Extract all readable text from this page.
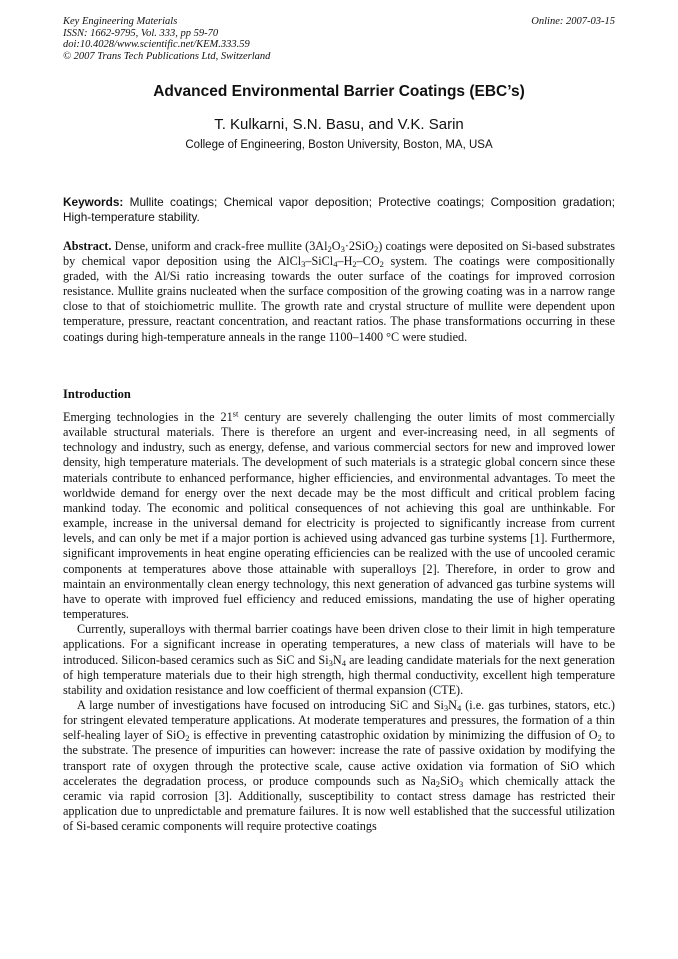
Key Engineering Materials
ISSN: 1662-9795, Vol. 333, pp 59-70
doi:10.4028/www.scientific.net/KEM.333.59
© 2007 Trans Tech Publications Ltd, Switzerland
Online: 2007-03-15
Advanced Environmental Barrier Coatings (EBC’s)
T. Kulkarni, S.N. Basu, and V.K. Sarin
College of Engineering, Boston University, Boston, MA, USA
Keywords: Mullite coatings; Chemical vapor deposition; Protective coatings; Composition gradation; High-temperature stability.
Abstract. Dense, uniform and crack-free mullite $(3Al_2O_3\cdot 2SiO_2)$ coatings were deposited on Si-based substrates by chemical vapor deposition using the $AlCl_3-SiCl_4-H_2-CO_2$ system. The coatings were compositionally graded, with the Al/Si ratio increasing towards the outer surface of the coatings for improved corrosion resistance. Mullite grains nucleated when the surface composition of the growing coating was in a narrow range close to that of stoichiometric mullite. The growth rate and crystal structure of mullite were dependent upon temperature, pressure, reactant concentration, and reactant ratios. The phase transformations occurring in these coatings during high-temperature anneals in the range 1100–1400 °C were studied.
Introduction

Emerging technologies in the 21st century are severely challenging the outer limits of most commercially available structural materials. There is therefore an urgent and ever-increasing need, in all segments of technology and industry, such as energy, defense, and various commercial sectors for new and improved lower density, high temperature materials. The development of such materials is a strategic global concern since these materials contribute to enhanced performance, higher efficiencies, and environmental advantages. To meet the worldwide demand for energy over the next decade may be the most difficult and critical problem facing mankind today. The economic and political consequences of not achieving this goal are unthinkable. For example, increase in the universal demand for electricity is projected to significantly increase from current levels, and can only be met if a major portion is achieved using advanced gas turbine systems [1]. Furthermore, significant improvements in heat engine operating efficiencies can be realized with the use of uncooled ceramic components at temperatures above those attainable with superalloys [2]. Therefore, in order to grow and maintain an environmentally clean energy technology, this next generation of advanced gas turbine systems will have to operate with improved fuel efficiency and reduced emissions, mandating the use of higher operating temperatures.

Currently, superalloys with thermal barrier coatings have been driven close to their limit in high temperature applications. For a significant increase in operating temperatures, a new class of materials will have to be introduced. Silicon-based ceramics such as SiC and $Si_3N_4$ are leading candidate materials for the next generation of high temperature materials due to their high strength, high thermal conductivity, excellent high temperature stability and oxidation resistance and low coefficient of thermal expansion (CTE).

A large number of investigations have focused on introducing SiC and $Si_3N_4$ (i.e. gas turbines, stators, etc.) for stringent elevated temperature applications. At moderate temperatures and pressures, the formation of a thin self-healing layer of SiO$_2$ is effective in preventing catastrophic oxidation by minimizing the diffusion of $O_2$ to the substrate. The presence of impurities can however: increase the rate of passive oxidation by modifying the transport rate of oxygen through the protective scale, cause active oxidation via formation of SiO which accelerates the degradation process, or produce compounds such as $Na_2SiO_3$ which chemically attack the ceramic via rapid corrosion [3]. Additionally, susceptibility to contact stress damage has restricted their application due to unpredictable and premature failures. It is now well established that the successful utilization of Si-based ceramic components will require protective coatings
